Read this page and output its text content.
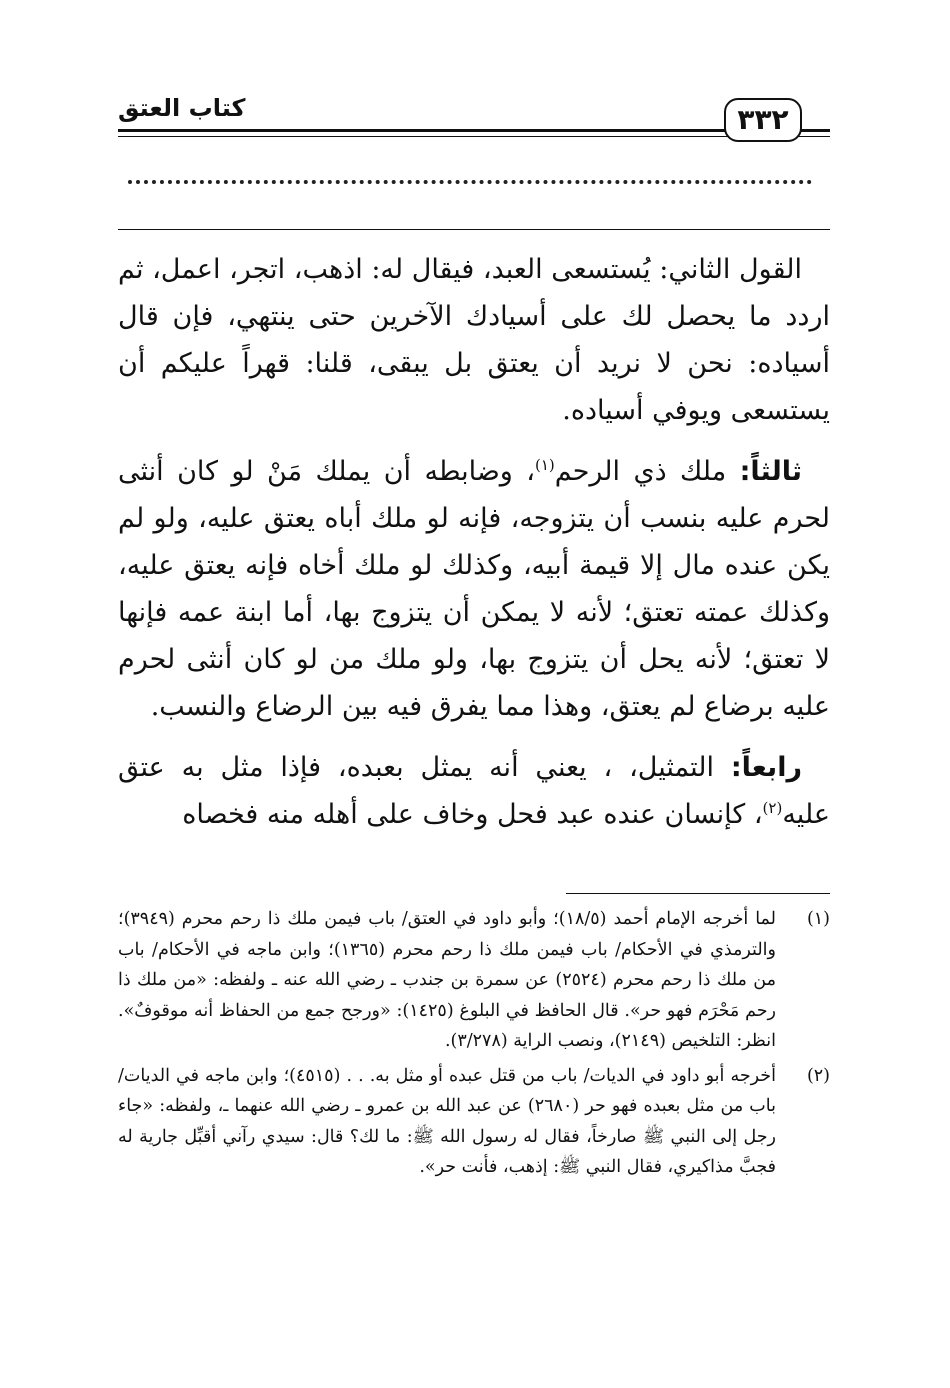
كتاب العتق	٣٣٢

القول الثاني: يُستسعى العبد، فيقال له: اذهب، اتجر، اعمل، ثم اردد ما يحصل لك على أسيادك الآخرين حتى ينتهي، فإن قال أسياده: نحن لا نريد أن يعتق بل يبقى، قلنا: قهراً عليكم أن يستسعى ويوفي أسياده.

ثالثاً: ملك ذي الرحم$^{(١)}$، وضابطه أن يملك مَنْ لو كان أنثى لحرم عليه بنسب أن يتزوجه، فإنه لو ملك أباه يعتق عليه، ولو لم يكن عنده مال إلا قيمة أبيه، وكذلك لو ملك أخاه فإنه يعتق عليه، وكذلك عمته تعتق؛ لأنه لا يمكن أن يتزوج بها، أما ابنة عمه فإنها لا تعتق؛ لأنه يحل أن يتزوج بها، ولو ملك من لو كان أنثى لحرم عليه برضاع لم يعتق، وهذا مما يفرق فيه بين الرضاع والنسب.

رابعاً: التمثيل، ، يعني أنه يمثل بعبده، فإذا مثل به عتق عليه$^{(٢)}$، كإنسان عنده عبد فحل وخاف على أهله منه فخصاه

(١)
لما أخرجه الإمام أحمد (١٨/٥)؛ وأبو داود في العتق/ باب فيمن ملك ذا رحم محرم (٣٩٤٩)؛ والترمذي في الأحكام/ باب فيمن ملك ذا رحم محرم (١٣٦٥)؛ وابن ماجه في الأحكام/ باب من ملك ذا رحم محرم (٢٥٢٤) عن سمرة بن جندب ـ رضي الله عنه ـ ولفظه: «من ملك ذا رحم مَحْرَم فهو حر». قال الحافظ في البلوغ (١٤٢٥): «ورجح جمع من الحفاظ أنه موقوفٌ». انظر: التلخيص (٢١٤٩)، ونصب الراية (٣/٢٧٨).
(٢)
أخرجه أبو داود في الديات/ باب من قتل عبده أو مثل به. . . (٤٥١٥)؛ وابن ماجه في الديات/ باب من مثل بعبده فهو حر (٢٦٨٠) عن عبد الله بن عمرو ـ رضي الله عنهما ـ، ولفظه: «جاء رجل إلى النبي ﷺ صارخاً، فقال له رسول الله ﷺ: ما لك؟ قال: سيدي رآني أقبِّل جارية له فجبَّ مذاكيري، فقال النبي ﷺ: إذهب، فأنت حر».
